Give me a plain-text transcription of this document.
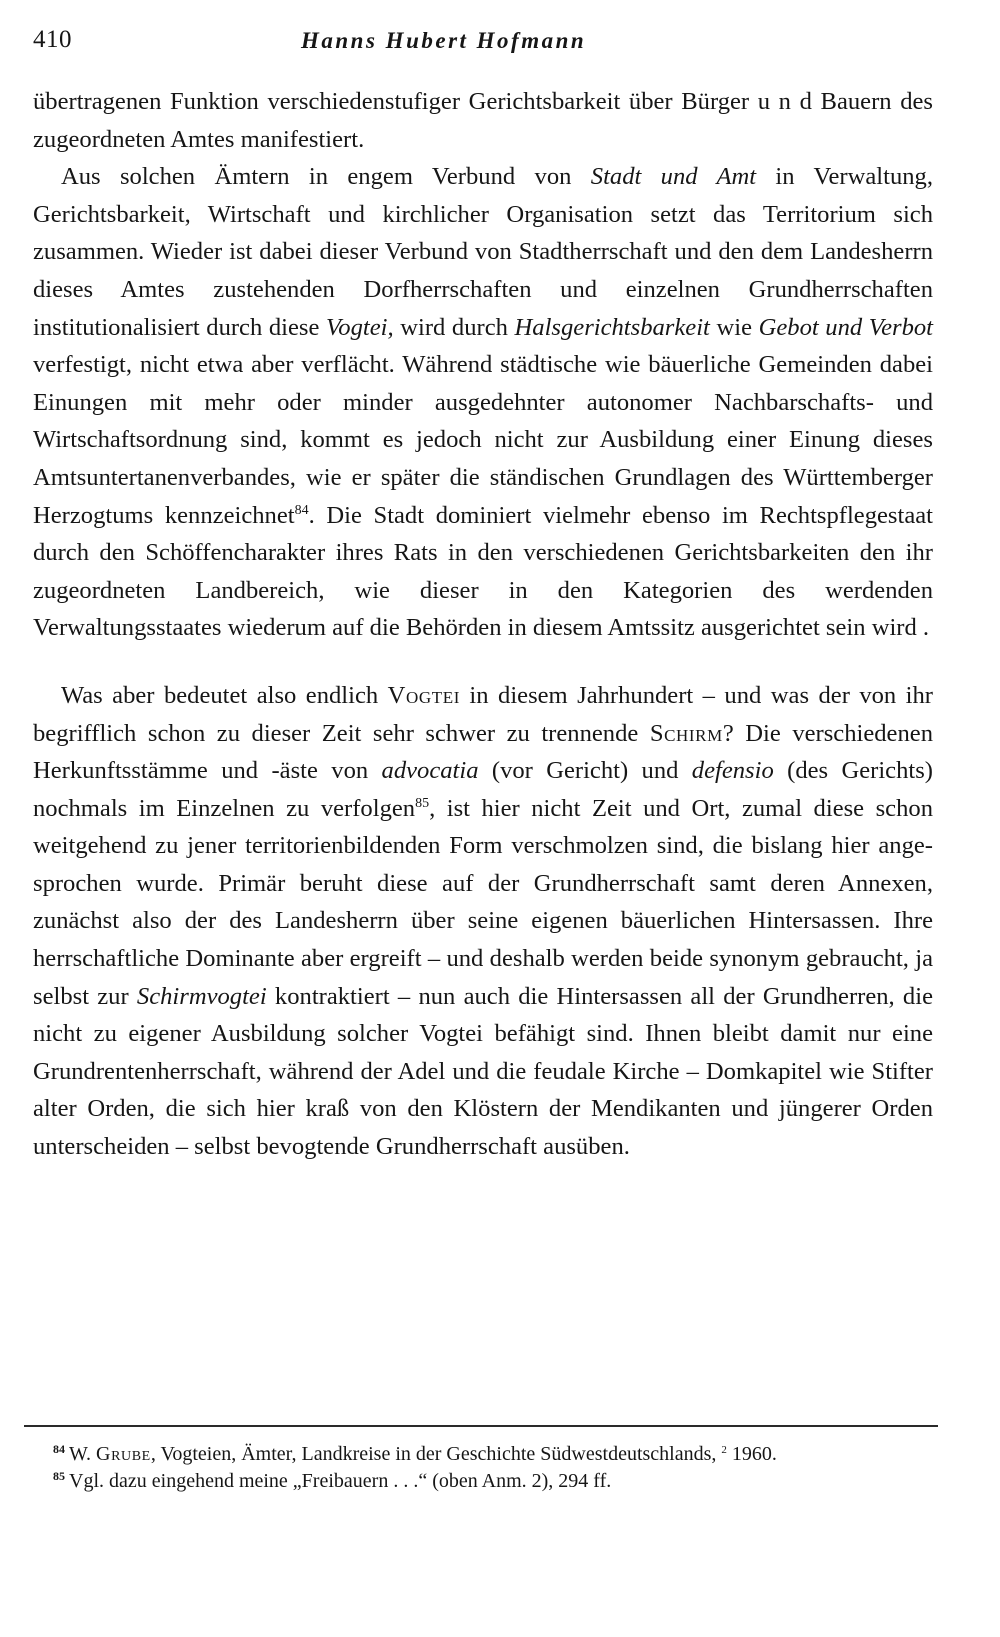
410	Hanns Hubert Hofmann

übertragenen Funktion verschiedenstufiger Gerichtsbarkeit über Bürger u n d Bauern des zugeordneten Amtes manifestiert.

Aus solchen Ämtern in engem Verbund von Stadt und Amt in Verwaltung, Gerichtsbarkeit, Wirtschaft und kirchlicher Organisation setzt das Territorium sich zusammen. Wieder ist dabei dieser Verbund von Stadtherrschaft und den dem Landesherrn dieses Amtes zustehenden Dorfherrschaften und einzelnen Grundherrschaften institutionalisiert durch diese Vogtei, wird durch Halsgerichtsbarkeit wie Gebot und Verbot verfestigt, nicht etwa aber verflächt. Während städtische wie bäuerliche Gemeinden dabei Einungen mit mehr oder minder ausgedehnter autonomer Nachbarschafts- und Wirtschaftsordnung sind, kommt es jedoch nicht zur Ausbildung einer Einung dieses Amtsuntertanenverbandes, wie er später die ständischen Grundlagen des Württemberger Herzogtums kennzeichnet$^{84}$. Die Stadt dominiert vielmehr ebenso im Rechtspflegestaat durch den Schöffencharakter ihres Rats in den verschiedenen Gerichtsbarkeiten den ihr zugeordneten Landbereich, wie dieser in den Kategorien des werdenden Verwaltungsstaates wiederum auf die Behörden in diesem Amtssitz ausgerichtet sein wird .

Was aber bedeutet also endlich Vogtei in diesem Jahrhundert – und was der von ihr begrifflich schon zu dieser Zeit sehr schwer zu trennende Schirm? Die verschiedenen Herkunftsstämme und -äste von advocatia (vor Gericht) und defensio (des Gerichts) nochmals im Einzelnen zu verfolgen$^{85}$, ist hier nicht Zeit und Ort, zumal diese schon weitgehend zu jener territorienbildenden Form verschmolzen sind, die bislang hier angesprochen wurde. Primär beruht diese auf der Grundherrschaft samt deren Annexen, zunächst also der des Landesherrn über seine eigenen bäuerlichen Hintersassen. Ihre herrschaftliche Dominante aber ergreift – und deshalb werden beide synonym gebraucht, ja selbst zur Schirmvogtei kontraktiert – nun auch die Hintersassen all der Grundherren, die nicht zu eigener Ausbildung solcher Vogtei befähigt sind. Ihnen bleibt damit nur eine Grundrentenherrschaft, während der Adel und die feudale Kirche – Domkapitel wie Stifter alter Orden, die sich hier kraß von den Klöstern der Mendikanten und jüngerer Orden unterscheiden – selbst bevogtende Grundherrschaft ausüben.

$^{84}$ W. Grube, Vogteien, Ämter, Landkreise in der Geschichte Südwestdeutschlands, $^2$ 1960.

$^{85}$ Vgl. dazu eingehend meine „Freibauern . . .“ (oben Anm. 2), 294 ff.
